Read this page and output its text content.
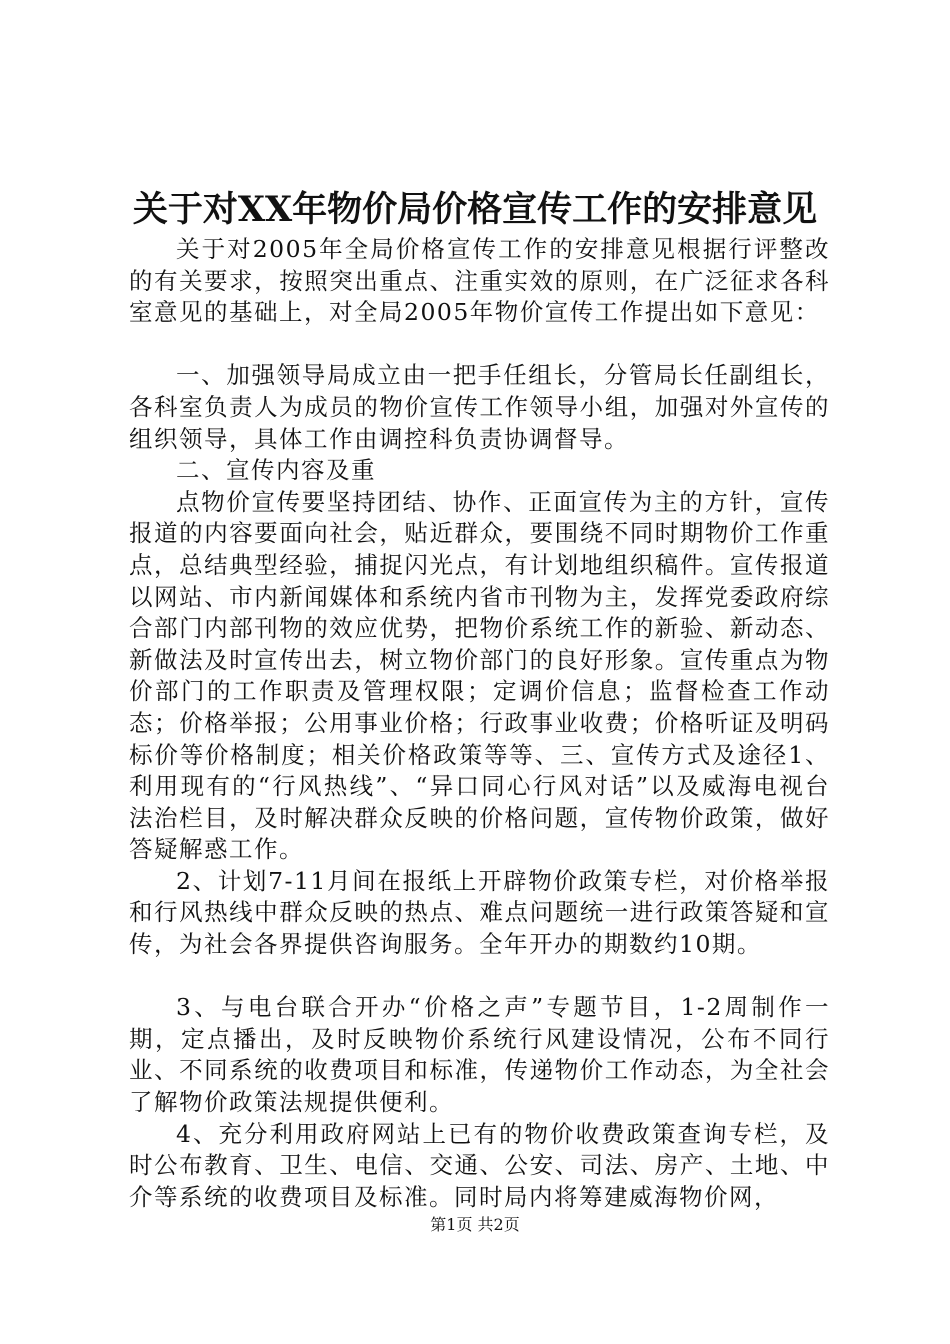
关于对XX年物价局价格宣传工作的安排意见

关于对2005年全局价格宣传工作的安排意见根据行评整改的有关要求，按照突出重点、注重实效的原则，在广泛征求各科室意见的基础上，对全局2005年物价宣传工作提出如下意见：

一、加强领导局成立由一把手任组长，分管局长任副组长，各科室负责人为成员的物价宣传工作领导小组，加强对外宣传的组织领导，具体工作由调控科负责协调督导。

二、宣传内容及重

点物价宣传要坚持团结、协作、正面宣传为主的方针，宣传报道的内容要面向社会，贴近群众，要围绕不同时期物价工作重点，总结典型经验，捕捉闪光点，有计划地组织稿件。宣传报道以网站、市内新闻媒体和系统内省市刊物为主，发挥党委政府综合部门内部刊物的效应优势，把物价系统工作的新验、新动态、新做法及时宣传出去，树立物价部门的良好形象。宣传重点为物价部门的工作职责及管理权限；定调价信息；监督检查工作动态；价格举报；公用事业价格；行政事业收费；价格听证及明码标价等价格制度；相关价格政策等等、三、宣传方式及途径1、利用现有的“行风热线”、“异口同心行风对话”以及威海电视台法治栏目，及时解决群众反映的价格问题，宣传物价政策，做好答疑解惑工作。

2、计划7-11月间在报纸上开辟物价政策专栏，对价格举报和行风热线中群众反映的热点、难点问题统一进行政策答疑和宣传，为社会各界提供咨询服务。全年开办的期数约10期。

3、与电台联合开办“价格之声”专题节目，1-2周制作一期，定点播出，及时反映物价系统行风建设情况，公布不同行业、不同系统的收费项目和标准，传递物价工作动态，为全社会了解物价政策法规提供便利。

4、充分利用政府网站上已有的物价收费政策查询专栏，及时公布教育、卫生、电信、交通、公安、司法、房产、土地、中介等系统的收费项目及标准。同时局内将筹建威海物价网，

第1页 共2页
